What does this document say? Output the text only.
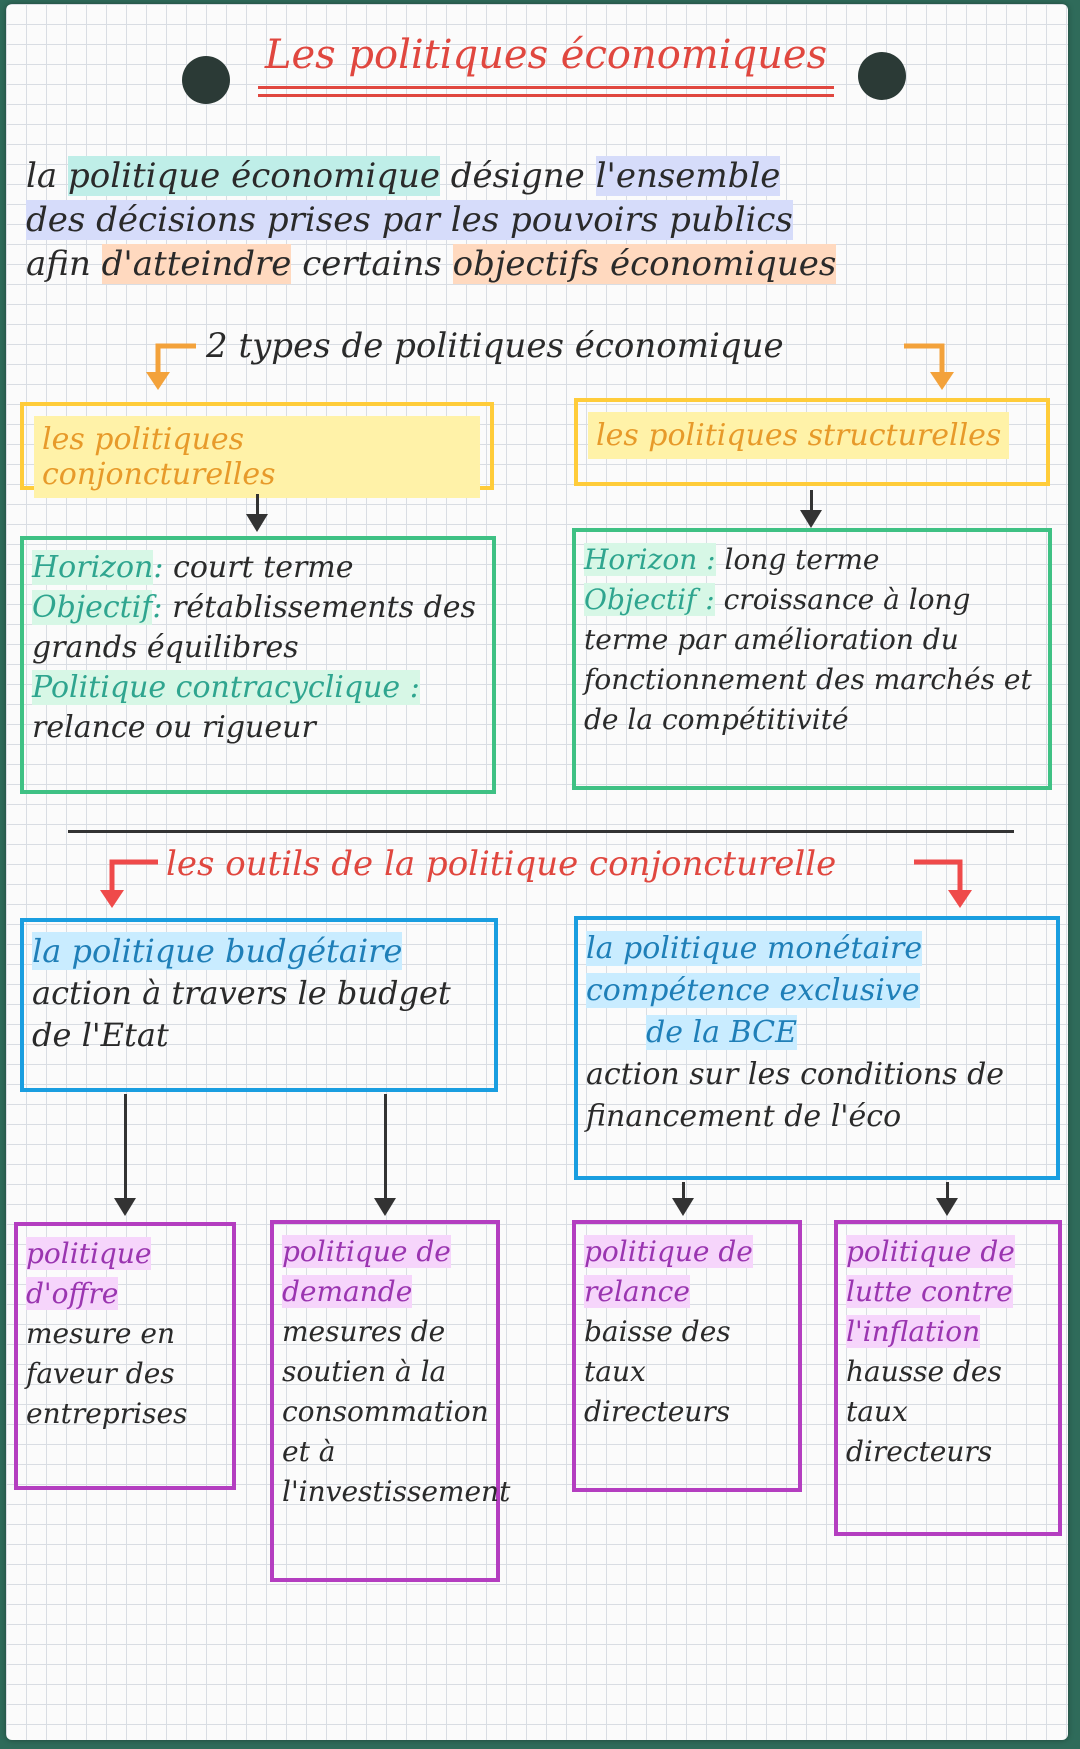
Les politiques économiques
la politique économique désigne l'ensemble
des décisions prises par les pouvoirs publics
afin d'atteindre certains objectifs économiques
2 types de politiques économique
les politiques conjoncturelles
les politiques structurelles
Horizon: court terme
Objectif: rétablissements des grands équilibres
Politique contracyclique :
relance ou rigueur
Horizon : long terme
Objectif : croissance à long terme par amélioration du fonctionnement des marchés et de la compétitivité
les outils de la politique conjoncturelle
la politique budgétaire
action à travers le budget de l'Etat
la politique monétaire
compétence exclusive
de la BCE
action sur les conditions de financement de l'éco
politique d'offre
mesure en faveur des entreprises
politique de demande
mesures de soutien à la consommation et à l'investissement
politique de relance
baisse des taux directeurs
politique de lutte contre l'inflation
hausse des taux directeurs
